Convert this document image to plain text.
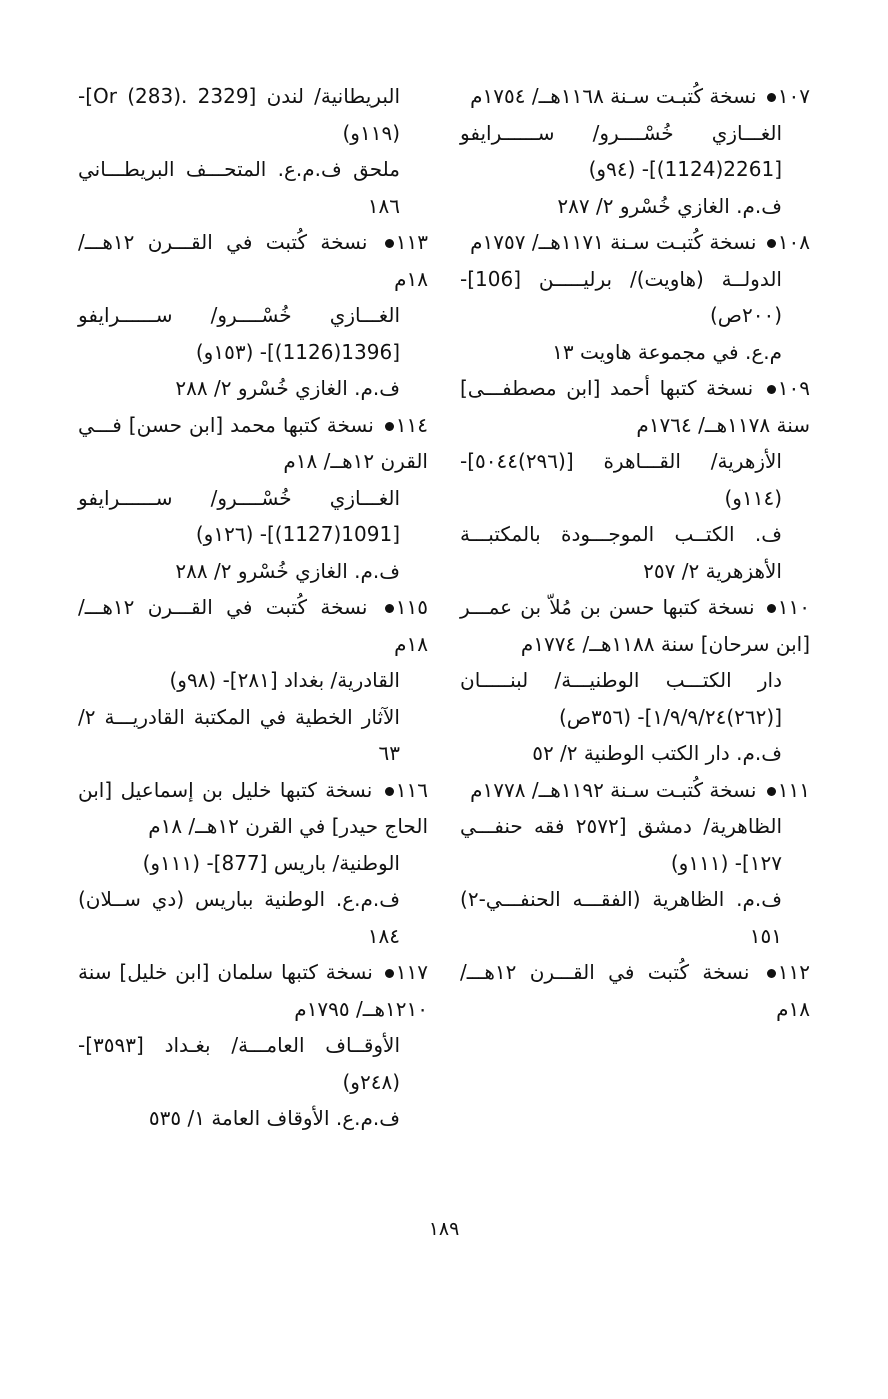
١٠٧ نسخة كُتبـت سـنة ١١٦٨هــ/ ١٧٥٤م
الغـــازي خُسْــــرو/ ســــــرايفو [2261(1124)]- (٩٤و)
ف.م. الغازي خُسْرو ٢/ ٢٨٧
١٠٨ نسخة كُتبـت سـنة ١١٧١هــ/ ١٧٥٧م
الدولــة (هاويت)/ برليـــــن [106]- (٢٠٠ص)
م.ع. في مجموعة هاويت ١٣
١٠٩ نسخة كتبها أحمد [ابن مصطفـــى] سنة ١١٧٨هــ/ ١٧٦٤م
الأزهرية/ القـــاهرة [(٢٩٦)٥٠٤٤]- (١١٤و)
ف. الكتــب الموجـــودة بالمكتبـــة الأهزهرية ٢/ ٢٥٧
١١٠ نسخة كتبها حسن بن مُلاّ بن عمـــر [ابن سرحان] سنة ١١٨٨هــ/ ١٧٧٤م
دار الكتـــب الوطنيـــة/ لبنـــــان [(٢٦٢)١/٩/٩/٢٤]- (٣٥٦ص)
ف.م. دار الكتب الوطنية ٢/ ٥٢
١١١ نسخة كُتبـت سـنة ١١٩٢هــ/ ١٧٧٨م
الظاهرية/ دمشق [٢٥٧٢ فقه حنفـــي ١٢٧]- (١١١و)
ف.م. الظاهرية (الفقـــه الحنفـــي-٢) ١٥١
١١٢ نسخة كُتبت في القـــرن ١٢هـــ/ ١٨م
البريطانية/ لندن [2329 .Or (283)]- (١١٩و)
ملحق ف.م.ع. المتحـــف البريطـــاني ١٨٦
١١٣ نسخة كُتبت في القـــرن ١٢هـــ/ ١٨م
الغـــازي خُسْــــرو/ ســــــرايفو [1396(1126)]- (١٥٣و)
ف.م. الغازي خُسْرو ٢/ ٢٨٨
١١٤ نسخة كتبها محمد [ابن حسن] فـــي القرن ١٢هــ/ ١٨م
الغـــازي خُسْــــرو/ ســــــرايفو [1091(1127)]- (١٢٦و)
ف.م. الغازي خُسْرو ٢/ ٢٨٨
١١٥ نسخة كُتبت في القـــرن ١٢هـــ/ ١٨م
القادرية/ بغداد [٢٨١]- (٩٨و)
الآثار الخطية في المكتبة القادريـــة ٢/ ٦٣
١١٦ نسخة كتبها خليل بن إسماعيل [ابن الحاج حيدر] في القرن ١٢هــ/ ١٨م
الوطنية/ باريس [877]- (١١١و)
ف.م.ع. الوطنية بباريس (دي ســلان) ١٨٤
١١٧ نسخة كتبها سلمان [ابن خليل] سنة ١٢١٠هــ/ ١٧٩٥م
الأوقــاف العامـــة/ بغـداد [٣٥٩٣]- (٢٤٨و)
ف.م.ع. الأوقاف العامة ١/ ٥٣٥
١٨٩
